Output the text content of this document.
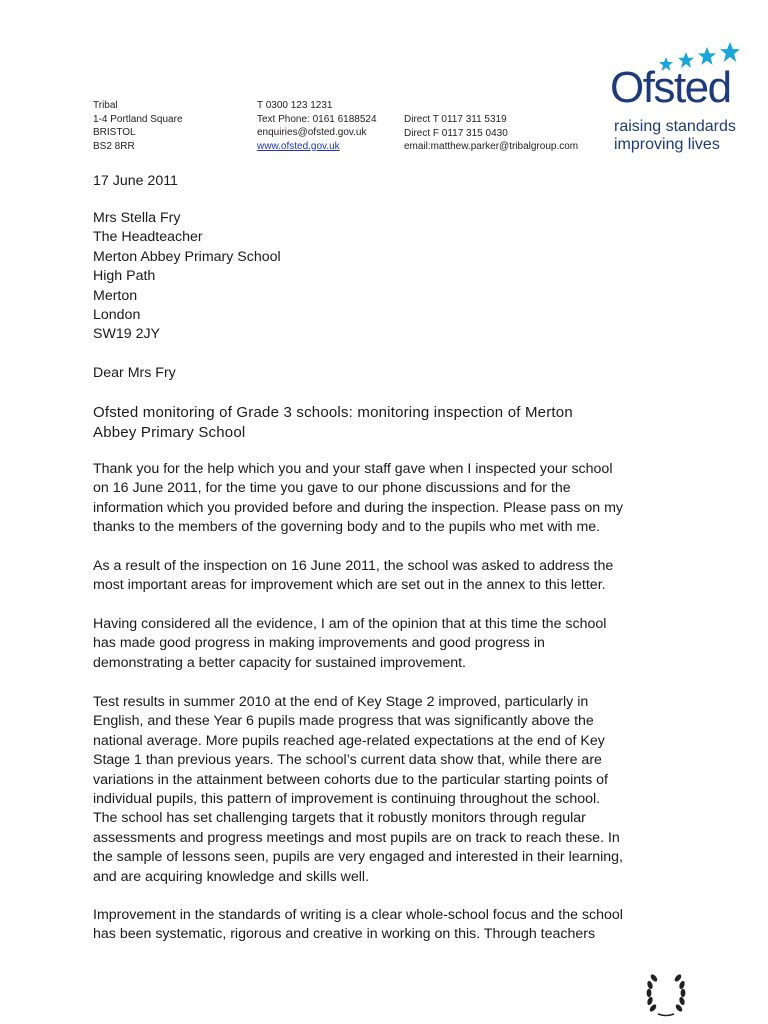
Tribal
1-4 Portland Square
BRISTOL
BS2 8RR
T 0300 123 1231
Text Phone: 0161 6188524
enquiries@ofsted.gov.uk
www.ofsted.gov.uk
Direct T 0117 311 5319
Direct F 0117 315 0430
email:matthew.parker@tribalgroup.com
Ofsted
raising standards
improving lives
17 June 2011
Mrs Stella Fry
The Headteacher
Merton Abbey Primary School
High Path
Merton
London
SW19 2JY
Dear Mrs Fry
Ofsted monitoring of Grade 3 schools: monitoring inspection of Merton
Abbey Primary School
Thank you for the help which you and your staff gave when I inspected your school
on 16 June 2011, for the time you gave to our phone discussions and for the
information which you provided before and during the inspection. Please pass on my
thanks to the members of the governing body and to the pupils who met with me.
As a result of the inspection on 16 June 2011, the school was asked to address the
most important areas for improvement which are set out in the annex to this letter.
Having considered all the evidence, I am of the opinion that at this time the school
has made good progress in making improvements and good progress in
demonstrating a better capacity for sustained improvement.
Test results in summer 2010 at the end of Key Stage 2 improved, particularly in
English, and these Year 6 pupils made progress that was significantly above the
national average. More pupils reached age-related expectations at the end of Key
Stage 1 than previous years. The school’s current data show that, while there are
variations in the attainment between cohorts due to the particular starting points of
individual pupils, this pattern of improvement is continuing throughout the school.
The school has set challenging targets that it robustly monitors through regular
assessments and progress meetings and most pupils are on track to reach these. In
the sample of lessons seen, pupils are very engaged and interested in their learning,
and are acquiring knowledge and skills well.
Improvement in the standards of writing is a clear whole-school focus and the school
has been systematic, rigorous and creative in working on this. Through teachers
